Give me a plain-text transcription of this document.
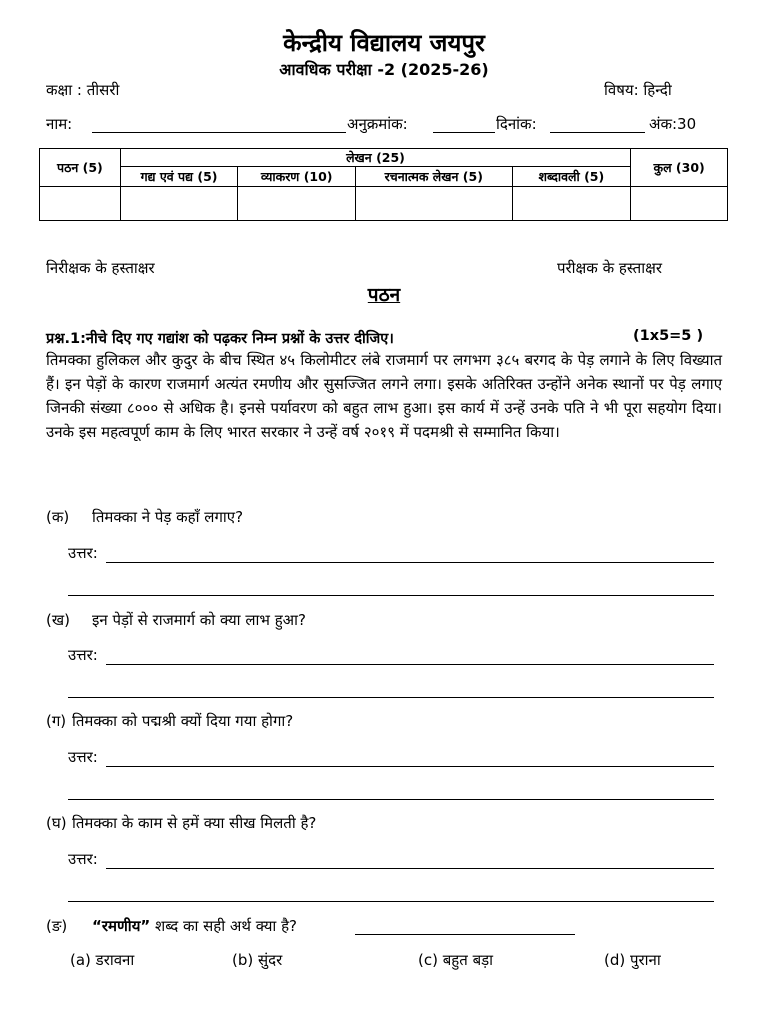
केन्द्रीय विद्यालय जयपुर
आवधिक परीक्षा -2 (2025-26)
कक्षा : तीसरी	विषय: हिन्दी
नाम:	अनुक्रमांक:	दिनांक:	अंक:30
पठन (5)	लेखन (25)				कुल (30)
	गद्य एवं पद्य (5)	व्याकरण (10)	रचनात्मक लेखन (5)	शब्दावली (5)	

निरीक्षक के हस्ताक्षर	परीक्षक के हस्ताक्षर
पठन
प्रश्न.1:नीचे दिए गए गद्यांश को पढ़कर निम्न प्रश्नों के उत्तर दीजिए।	(1x5=5 )
तिमक्का हुलिकल और कुदुर के बीच स्थित ४५ किलोमीटर लंबे राजमार्ग पर लगभग ३८५ बरगद के पेड़ लगाने के लिए विख्यात हैं। इन पेड़ों के कारण राजमार्ग अत्यंत रमणीय और सुसज्जित लगने लगा। इसके अतिरिक्त उन्होंने अनेक स्थानों पर पेड़ लगाए जिनकी संख्या ८००० से अधिक है। इनसे पर्यावरण को बहुत लाभ हुआ। इस कार्य में उन्हें उनके पति ने भी पूरा सहयोग दिया। उनके इस महत्वपूर्ण काम के लिए भारत सरकार ने उन्हें वर्ष २०१९ में पदमश्री से सम्मानित किया।
(क) तिमक्का ने पेड़ कहाँ लगाए?
उत्तर:
(ख) इन पेड़ों से राजमार्ग को क्या लाभ हुआ?
उत्तर:
(ग) तिमक्का को पद्मश्री क्यों दिया गया होगा?
उत्तर:
(घ) तिमक्का के काम से हमें क्या सीख मिलती है?
उत्तर:
(ङ) “रमणीय” शब्द का सही अर्थ क्या है?
(a) डरावना	(b) सुंदर	(c) बहुत बड़ा	(d) पुराना
